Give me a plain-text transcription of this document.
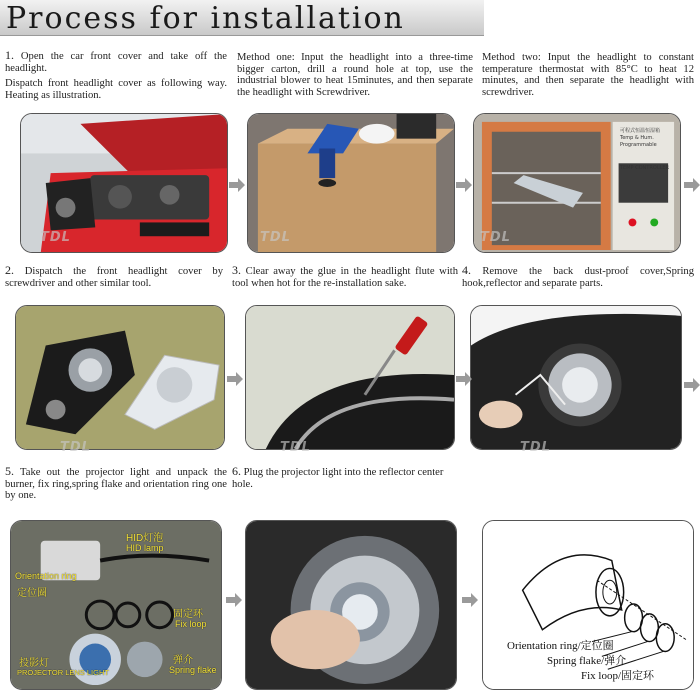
Process for installation

1. Open the car front cover and take off the headlight.

Dispatch front headlight cover as following way. Heating as illustration.

Method one: Input the headlight into a three-time bigger carton, drill a round hole at top, use the industrial blower to heat 15minutes, and then separate the headlight with Screwdriver.
Method two: Input the headlight to constant temperature thermostat with 85°C to heat 12 minutes, and then separate the headlight with screwdriver.
可程式恒温恒湿箱
Temp & Hum. Programmable
TEMP CONTROLLER
TDL	TDL	TDL
2. Dispatch the front headlight cover by screwdriver and other similar tool.
3. Clear away the glue in the headlight flute with tool when hot for the re-installation sake.
4. Remove the back dust-proof cover,Spring hook,reflector and separate parts.
TDL	TDL	TDL
5. Take out the projector light and unpack the burner, fix ring,spring flake and orientation ring one by one.
6. Plug the projector light into the reflector center hole.
HID灯泡
HID lamp
Orientation ring
定位圈
固定环
Fix loop
投影灯
PROJECTOR LENS LIGHT
弹介
Spring flake
Orientation ring/定位圈
Spring flake/弹介
Fix loop/固定环
